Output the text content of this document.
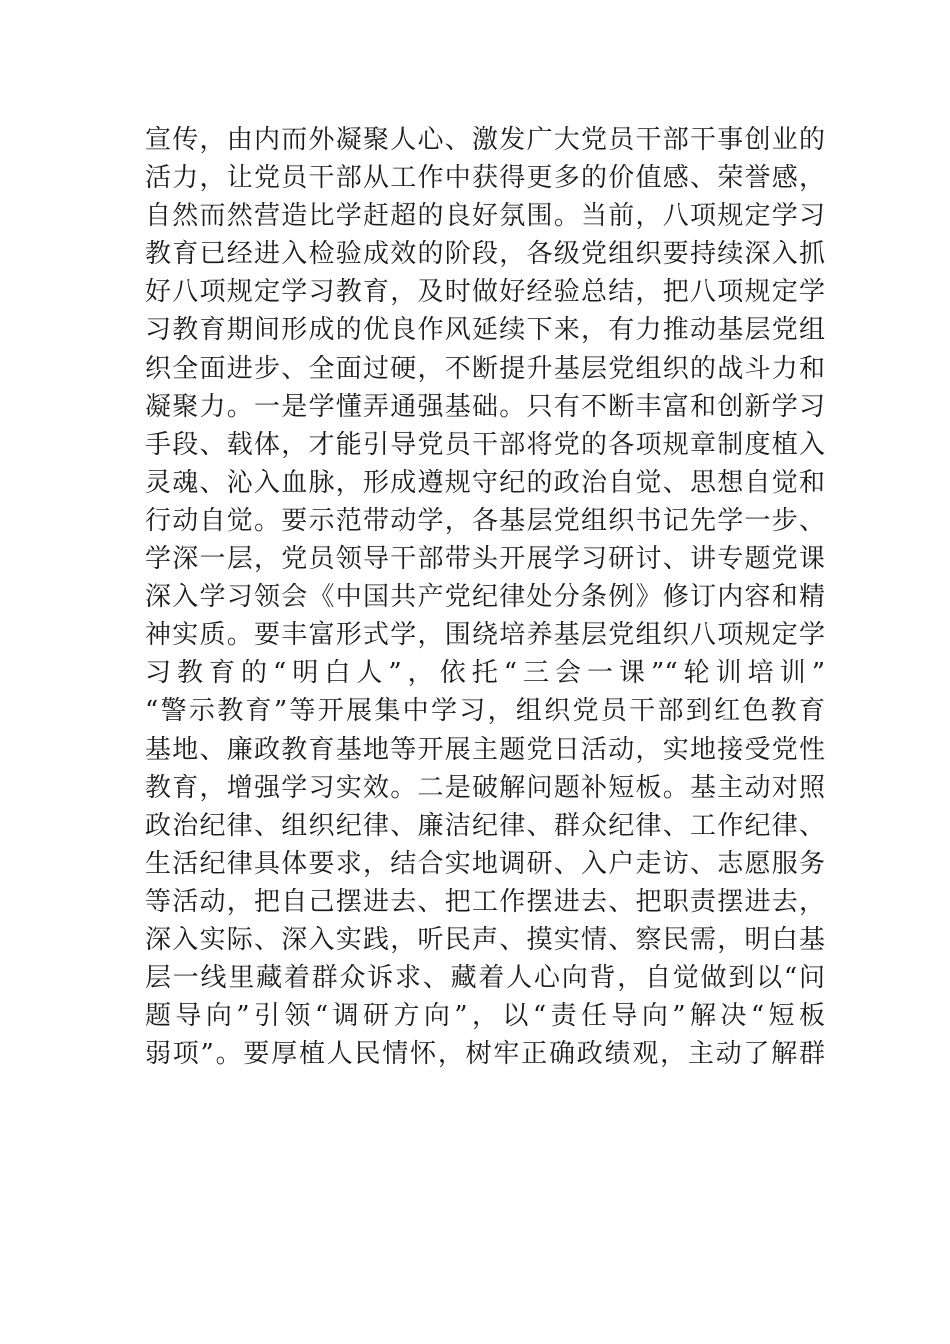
宣传，由内而外凝聚人心、激发广大党员干部干事创业的
活力，让党员干部从工作中获得更多的价值感、荣誉感，
自然而然营造比学赶超的良好氛围。当前，八项规定学习
教育已经进入检验成效的阶段，各级党组织要持续深入抓
好八项规定学习教育，及时做好经验总结，把八项规定学
习教育期间形成的优良作风延续下来，有力推动基层党组
织全面进步、全面过硬，不断提升基层党组织的战斗力和
凝聚力。一是学懂弄通强基础。只有不断丰富和创新学习
手段、载体，才能引导党员干部将党的各项规章制度植入
灵魂、沁入血脉，形成遵规守纪的政治自觉、思想自觉和
行动自觉。要示范带动学，各基层党组织书记先学一步、
学深一层，党员领导干部带头开展学习研讨、讲专题党课
深入学习领会《中国共产党纪律处分条例》修订内容和精
神实质。要丰富形式学，围绕培养基层党组织八项规定学
习教育的“明白人”，依托“三会一课”“轮训培训”
“警示教育”等开展集中学习，组织党员干部到红色教育
基地、廉政教育基地等开展主题党日活动，实地接受党性
教育，增强学习实效。二是破解问题补短板。基主动对照
政治纪律、组织纪律、廉洁纪律、群众纪律、工作纪律、
生活纪律具体要求，结合实地调研、入户走访、志愿服务
等活动，把自己摆进去、把工作摆进去、把职责摆进去，
深入实际、深入实践，听民声、摸实情、察民需，明白基
层一线里藏着群众诉求、藏着人心向背，自觉做到以“问
题导向”引领“调研方向”，以“责任导向”解决“短板
弱项”。要厚植人民情怀，树牢正确政绩观，主动了解群
